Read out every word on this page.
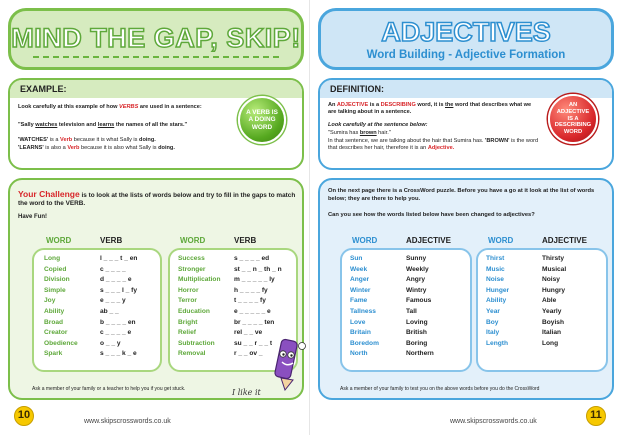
MIND THE GAP, SKIP!
EXAMPLE:
Look carefully at this example of how VERBS are used in a sentence:
"Sally watches television and learns the names of all the stars."
'WATCHES' is a Verb because it is what Sally is doing.
'LEARNS' is also a Verb because it is also what Sally is doing.
A VERB IS A DOING WORD
Your Challenge is to look at the lists of words below and try to fill in the gaps to match the word to the VERB.
Have Fun!
WORD	VERB	WORD	VERB
Long	l _ _ _ t _ en
Copied	c _ _ _ _
Division	d _ _ _ _ e
Simple	s _ _ _ l _ fy
Joy	e _ _ _ y
Ability	ab _ _
Broad	b _ _ _ _ en
Creator	c _ _ _ _ e
Obedience	o _ _ y
Spark	s _ _ _ k _ e
Success	s _ _ _ _ ed
Stronger	st _ _ n _ th _ n
Multiplication m _ _ _ _ _ ly
Horror	h _ _ _ _ fy
Terror	t _ _ _ _ fy
Education	e _ _ _ _ _ e
Bright	br _ _ _ _ ten
Relief	rel _ _ ve
Subtraction	su _ _ r _ _ t
Removal	r _ _ ov _
Ask a member of your family or a teacher to help you if you get stuck.	I like it
10
www.skipscrosswords.co.uk
ADJECTIVES
Word Building - Adjective Formation
DEFINITION:
An ADJECTIVE is a DESCRIBING word, it is the word that describes what we are talking about in a sentence.
Look carefully at the sentence below:
"Sumira has brown hair."
In that sentence, we are talking about the hair that Sumira has. 'BROWN' is the word that describes her hair, therefore it is an Adjective.
AN ADJECTIVE IS A DESCRIBING WORD
On the next page there is a CrossWord puzzle. Before you have a go at it look at the list of words below; they are there to help you.
Can you see how the words listed below have been changed to adjectives?
WORD	ADJECTIVE	WORD	ADJECTIVE
Sun	Sunny
Week	Weekly
Anger	Angry
Winter	Wintry
Fame	Famous
Tallness	Tall
Love	Loving
Britain	British
Boredom	Boring
North	Northern
Thirst	Thirsty
Music	Musical
Noise	Noisy
Hunger	Hungry
Ability	Able
Year	Yearly
Boy	Boyish
Italy	Italian
Length	Long
Ask a member of your family to test you on the above words before you do the CrossWord
www.skipscrosswords.co.uk
11
